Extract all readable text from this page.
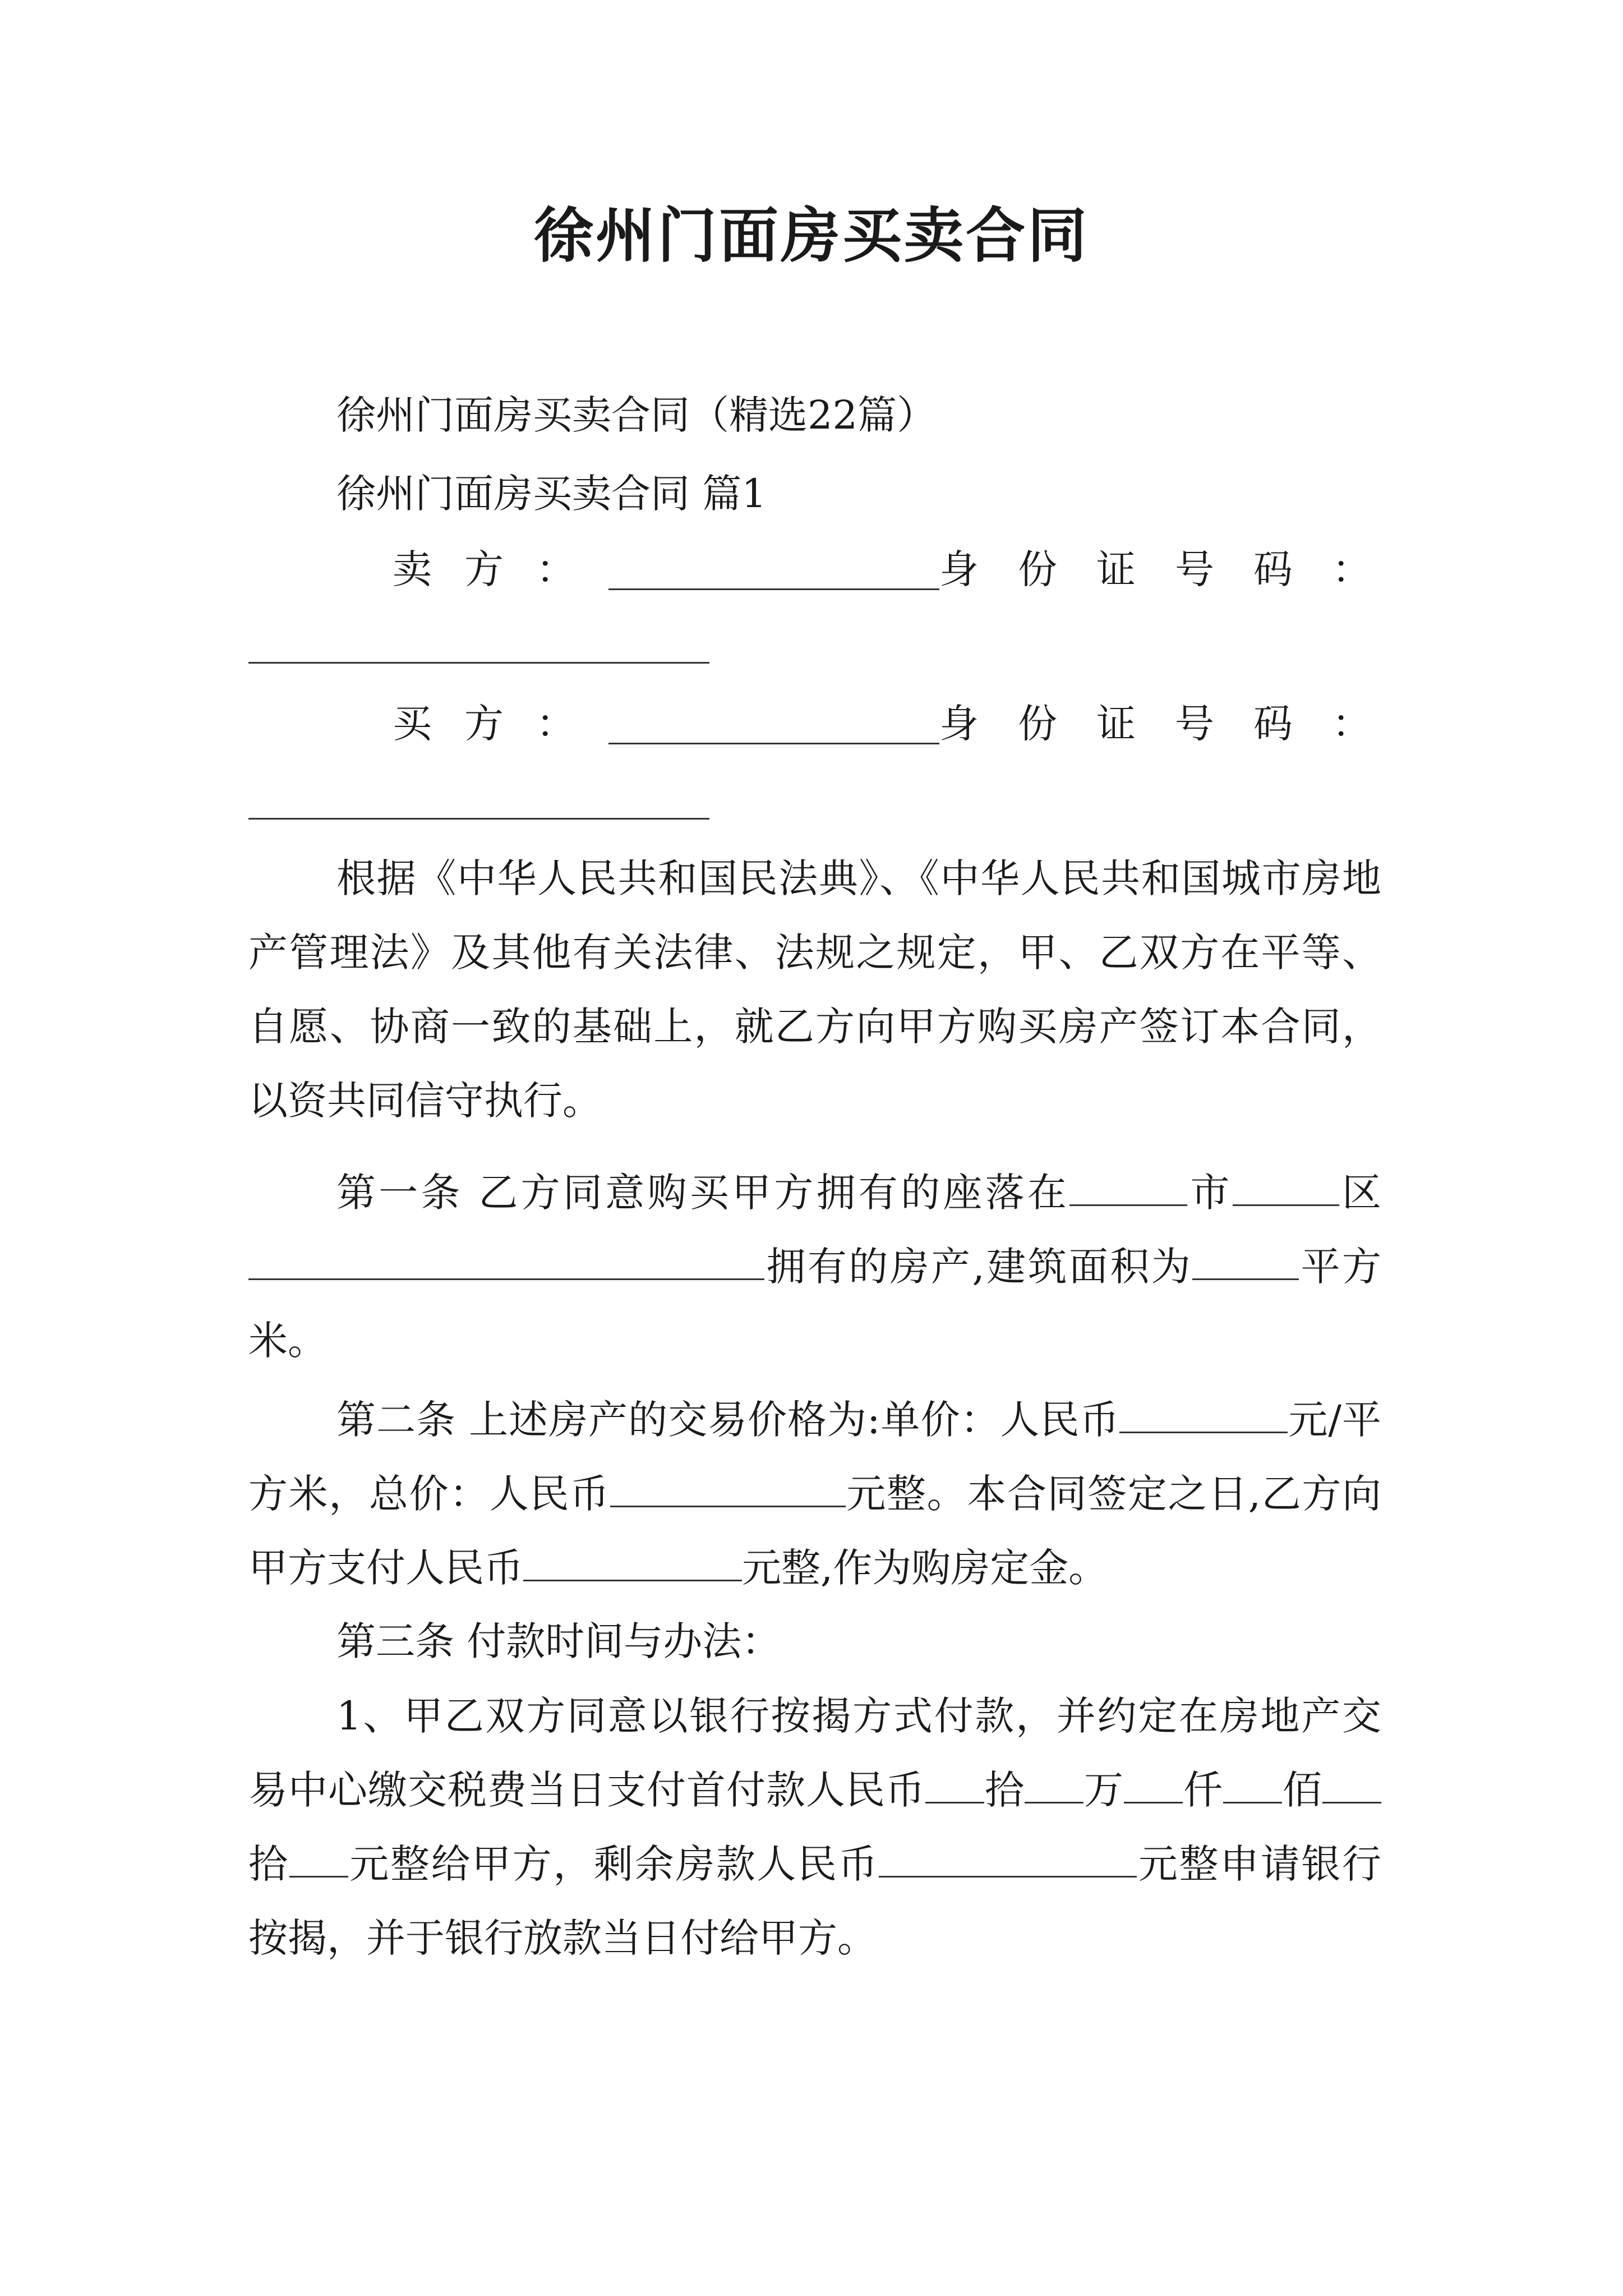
徐州门面房买卖合同
徐州门面房买卖合同（精选22篇）
徐州门面房买卖合同 篇1
卖方：	身份证号码：
买方：	身份证号码：
根据《中华人民共和国民法典》、《中华人民共和国城市房地产管理法》及其他有关法律、法规之规定，甲、乙双方在平等、自愿、协商一致的基础上，就乙方向甲方购买房产签订本合同，以资共同信守执行。
第一条 乙方同意购买甲方拥有的座落在	市	区拥有的房产,建筑面积为	平方米。
第二条 上述房产的交易价格为:单价：人民币	元/平方米，总价：人民币	元整。本合同签定之日,乙方向甲方支付人民币	元整,作为购房定金。
第三条 付款时间与办法：
1、甲乙双方同意以银行按揭方式付款，并约定在房地产交易中心缴交税费当日支付首付款人民币 拾 万 仟 佰拾 元整给甲方，剩余房款人民币	元整申请银行按揭，并于银行放款当日付给甲方。
